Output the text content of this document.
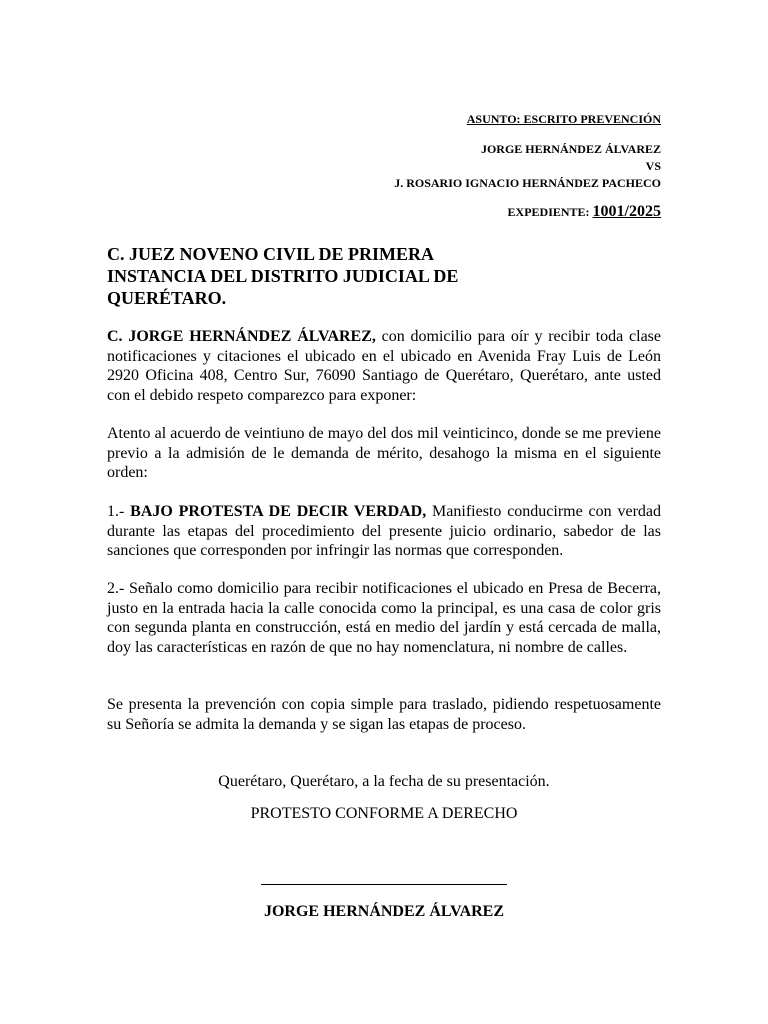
ASUNTO: ESCRITO PREVENCIÓN
JORGE HERNÁNDEZ ÁLVAREZ
VS
J. ROSARIO IGNACIO HERNÁNDEZ PACHECO
EXPEDIENTE: 1001/2025
C. JUEZ NOVENO CIVIL DE PRIMERA INSTANCIA DEL DISTRITO JUDICIAL DE QUERÉTARO.
C. JORGE HERNÁNDEZ ÁLVAREZ, con domicilio para oír y recibir toda clase notificaciones y citaciones el ubicado en el ubicado en Avenida Fray Luis de León 2920 Oficina 408, Centro Sur, 76090 Santiago de Querétaro, Querétaro, ante usted con el debido respeto comparezco para exponer:
Atento al acuerdo de veintiuno de mayo del dos mil veinticinco, donde se me previene previo a la admisión de le demanda de mérito, desahogo la misma en el siguiente orden:
1.- BAJO PROTESTA DE DECIR VERDAD, Manifiesto conducirme con verdad durante las etapas del procedimiento del presente juicio ordinario, sabedor de las sanciones que corresponden por infringir las normas que corresponden.
2.- Señalo como domicilio para recibir notificaciones el ubicado en Presa de Becerra, justo en la entrada hacia la calle conocida como la principal, es una casa de color gris con segunda planta en construcción, está en medio del jardín y está cercada de malla, doy las características en razón de que no hay nomenclatura, ni nombre de calles.
Se presenta la prevención con copia simple para traslado, pidiendo respetuosamente su Señoría se admita la demanda y se sigan las etapas de proceso.
Querétaro, Querétaro, a la fecha de su presentación.
PROTESTO CONFORME A DERECHO
JORGE HERNÁNDEZ ÁLVAREZ
